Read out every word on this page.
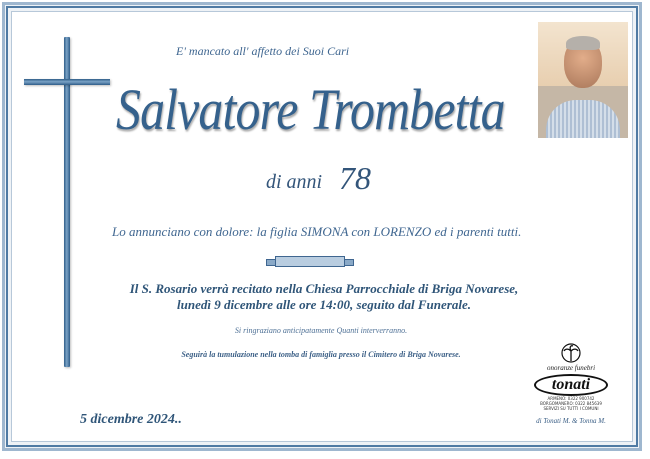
E' mancato all' affetto dei Suoi Cari
Salvatore Trombetta
di anni 78
Lo annunciano con dolore: la figlia SIMONA con LORENZO ed i parenti tutti.
Il S. Rosario verrà recitato nella Chiesa Parrocchiale di Briga Novarese,
lunedì 9 dicembre alle ore 14:00, seguito dal Funerale.
Si ringraziano anticipatamente Quanti interverranno.
Seguirà la tumulazione nella tomba di famiglia presso il Cimitero di Briga Novarese.
5 dicembre 2024..
onoranze funebri
tonati
ARMENO: 0322 900742
BORGOMANERO: 0322 845639
SERVIZI SU TUTTI I COMUNI
di Tonati M. & Tonna M.
